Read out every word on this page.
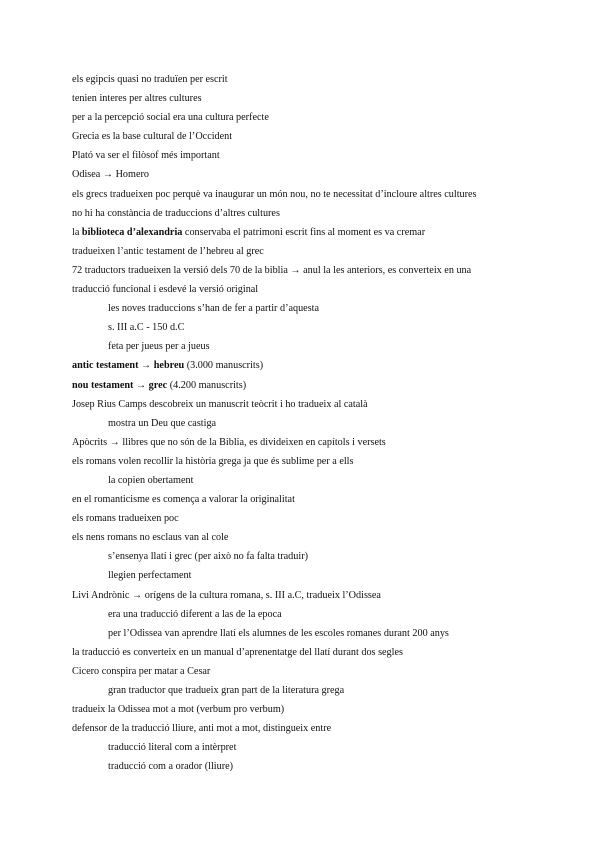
els egipcis quasi no traduïen per escrit
tenien interes per altres cultures
per a la percepció social era una cultura perfecte
Grecia es la base cultural de l’Occident
Plató va ser el filòsof més important
Odisea → Homero
els grecs tradueixen poc perquè va inaugurar un món nou, no te necessitat d’incloure altres cultures
no hi ha constància de traduccions d’altres cultures
la biblioteca d’alexandria conservaba el patrimoni escrit fins al moment es va cremar
tradueixen l’antic testament de l’hebreu al grec
72 traductors tradueixen la versió dels 70 de la biblia → anul la les anteriors, es converteix en una
traducció funcional i esdevé la versió original
les noves traduccions s’han de fer a partir d’aquesta
s. III a.C - 150 d.C
feta per jueus per a jueus
antic testament → hebreu (3.000 manuscrits)
nou testament → grec (4.200 manuscrits)
Josep Rius Camps descobreix un manuscrit teòcrit i ho tradueix al català
mostra un Deu que castiga
Apòcrits → llibres que no són de la Biblia, es divideixen en capítols i versets
els romans volen recollir la història grega ja que és sublime per a ells
la copien obertament
en el romanticisme es comença a valorar la originalitat
els romans tradueixen poc
els nens romans no esclaus van al cole
s’ensenya llatí i grec (per això no fa falta traduir)
llegien perfectament
Livi Andrònic → orígens de la cultura romana, s. III a.C, tradueix l’Odissea
era una traducció diferent a las de la epoca
per l’Odissea van aprendre llatí els alumnes de les escoles romanes durant 200 anys
la traducció es converteix en un manual d’aprenentatge del llatí durant dos segles
Cicero conspira per matar a Cesar
gran traductor que tradueix gran part de la literatura grega
tradueix la Odissea mot a mot (verbum pro verbum)
defensor de la traducció lliure, anti mot a mot, distingueix entre
traducció literal com a intèrpret
traducció com a orador (lliure)
